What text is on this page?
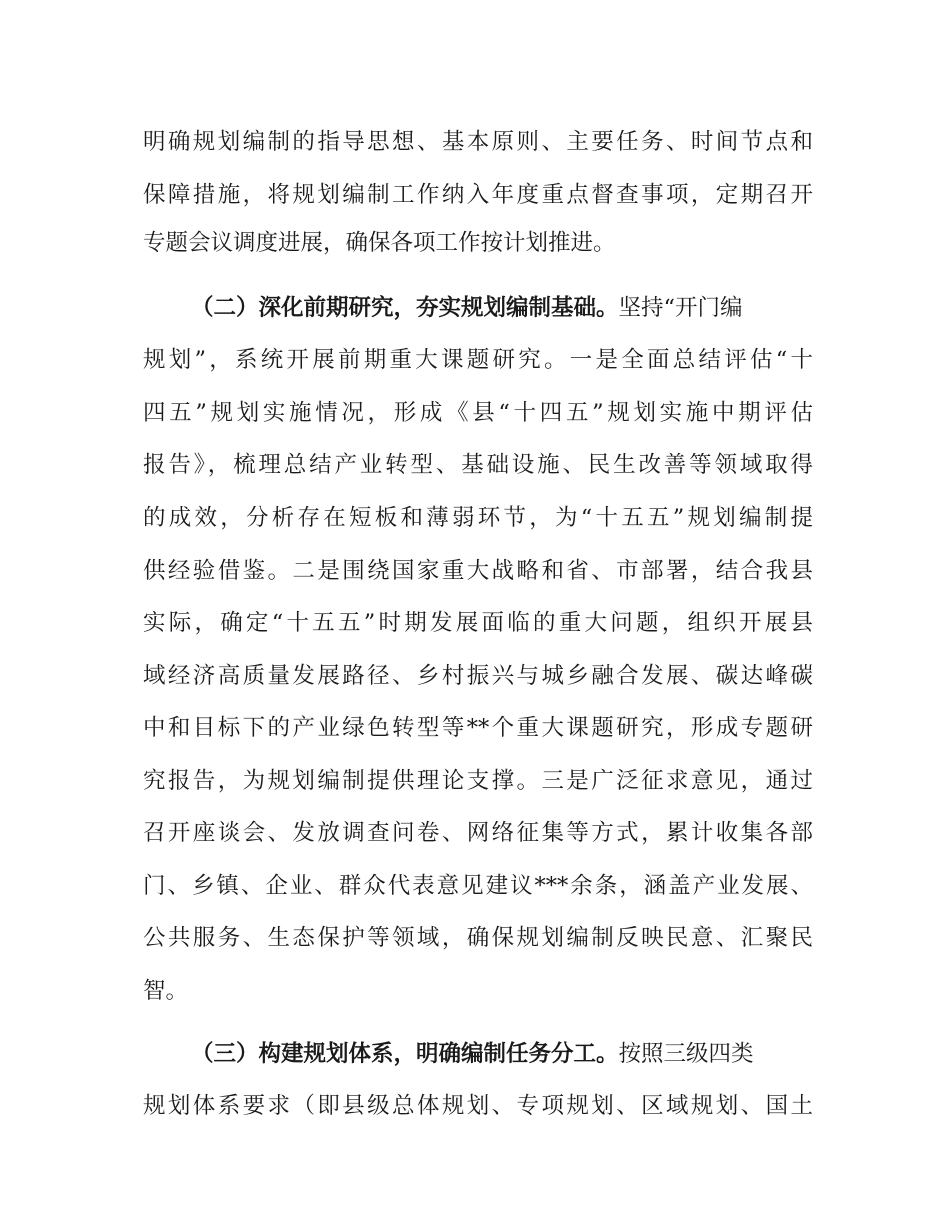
明确规划编制的指导思想、基本原则、主要任务、时间节点和
保障措施，将规划编制工作纳入年度重点督查事项，定期召开
专题会议调度进展，确保各项工作按计划推进。
（二）深化前期研究，夯实规划编制基础。坚持“开门编
规划”，系统开展前期重大课题研究。一是全面总结评估“十
四五”规划实施情况，形成《县“十四五”规划实施中期评估
报告》，梳理总结产业转型、基础设施、民生改善等领域取得
的成效，分析存在短板和薄弱环节，为“十五五”规划编制提
供经验借鉴。二是围绕国家重大战略和省、市部署，结合我县
实际，确定“十五五”时期发展面临的重大问题，组织开展县
域经济高质量发展路径、乡村振兴与城乡融合发展、碳达峰碳
中和目标下的产业绿色转型等**个重大课题研究，形成专题研
究报告，为规划编制提供理论支撑。三是广泛征求意见，通过
召开座谈会、发放调查问卷、网络征集等方式，累计收集各部
门、乡镇、企业、群众代表意见建议***余条，涵盖产业发展、
公共服务、生态保护等领域，确保规划编制反映民意、汇聚民
智。
（三）构建规划体系，明确编制任务分工。按照三级四类
规划体系要求（即县级总体规划、专项规划、区域规划、国土
